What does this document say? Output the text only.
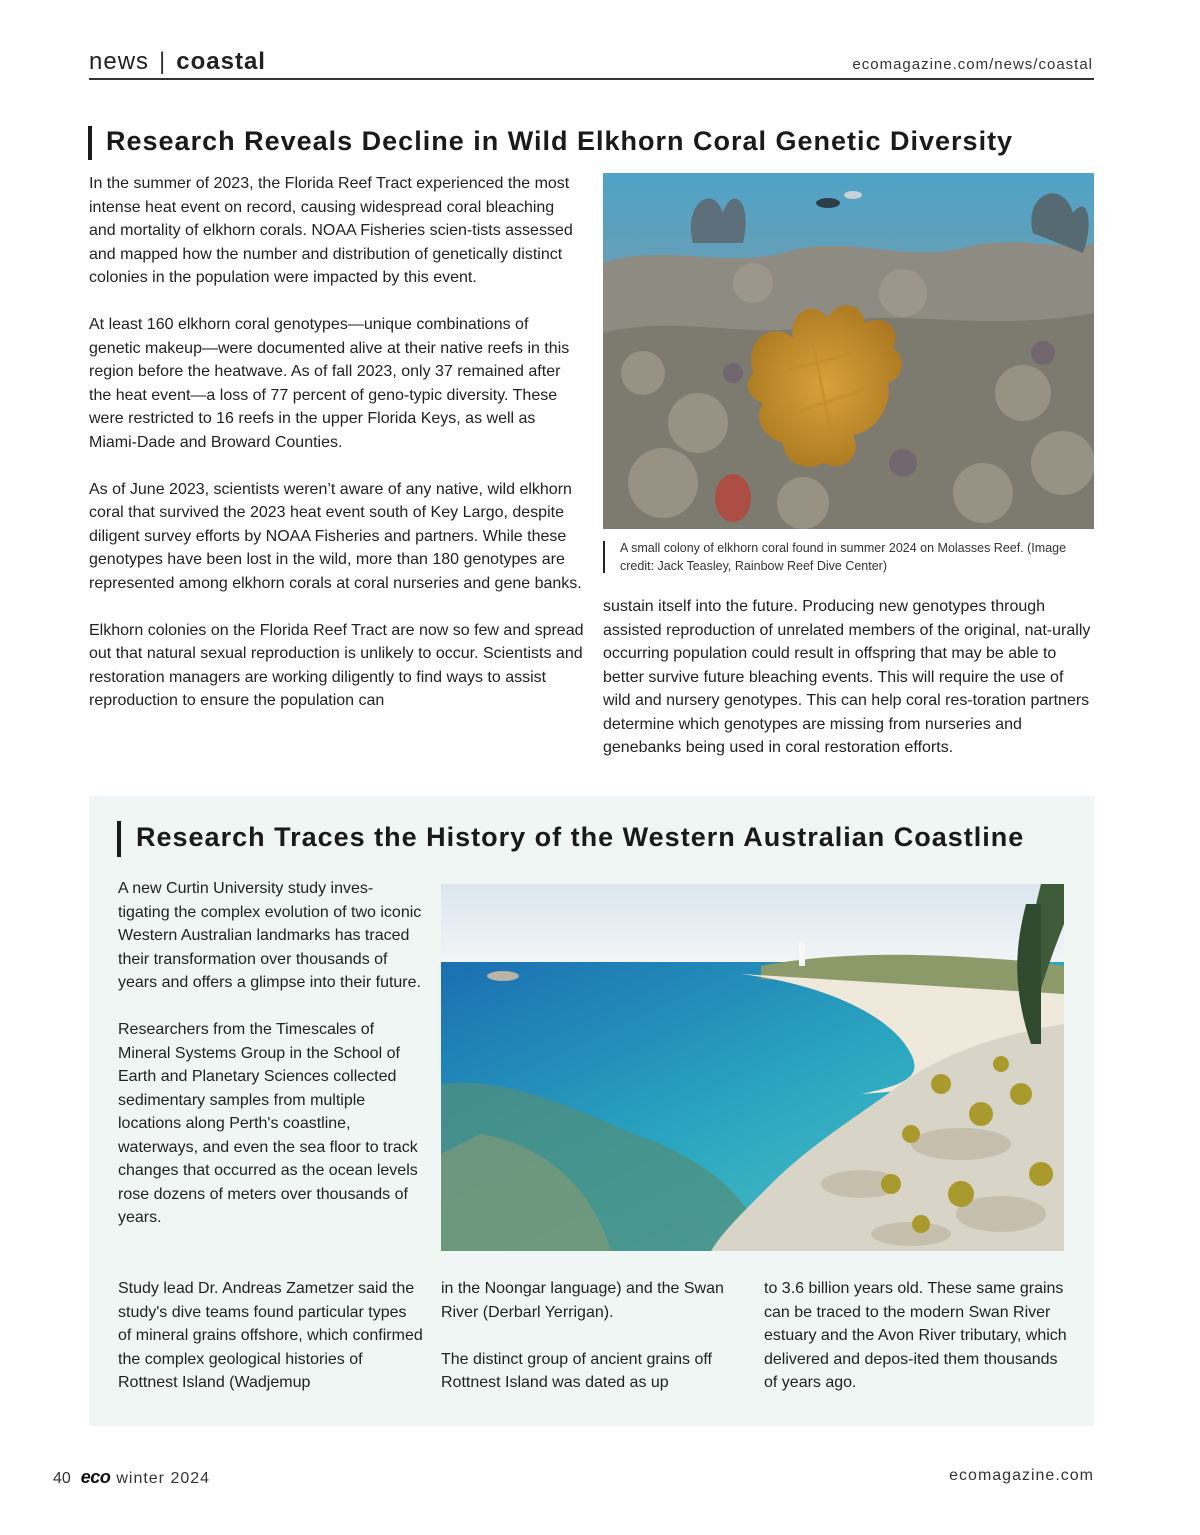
news | coastal	ecomagazine.com/news/coastal
Research Reveals Decline in Wild Elkhorn Coral Genetic Diversity

In the summer of 2023, the Florida Reef Tract experienced the most intense heat event on record, causing widespread coral bleaching and mortality of elkhorn corals. NOAA Fisheries scien-tists assessed and mapped how the number and distribution of genetically distinct colonies in the population were impacted by this event.

At least 160 elkhorn coral genotypes—unique combinations of genetic makeup—were documented alive at their native reefs in this region before the heatwave. As of fall 2023, only 37 remained after the heat event—a loss of 77 percent of geno-typic diversity. These were restricted to 16 reefs in the upper Florida Keys, as well as Miami-Dade and Broward Counties.

As of June 2023, scientists weren’t aware of any native, wild elkhorn coral that survived the 2023 heat event south of Key Largo, despite diligent survey efforts by NOAA Fisheries and partners. While these genotypes have been lost in the wild, more than 180 genotypes are represented among elkhorn corals at coral nurseries and gene banks.

Elkhorn colonies on the Florida Reef Tract are now so few and spread out that natural sexual reproduction is unlikely to occur. Scientists and restoration managers are working diligently to find ways to assist reproduction to ensure the population can

A small colony of elkhorn coral found in summer 2024 on Molasses Reef. (Image credit: Jack Teasley, Rainbow Reef Dive Center)

sustain itself into the future. Producing new genotypes through assisted reproduction of unrelated members of the original, nat-urally occurring population could result in offspring that may be able to better survive future bleaching events. This will require the use of wild and nursery genotypes. This can help coral res-toration partners determine which genotypes are missing from nurseries and genebanks being used in coral restoration efforts.

Research Traces the History of the Western Australian Coastline

A new Curtin University study inves-tigating the complex evolution of two iconic Western Australian landmarks has traced their transformation over thousands of years and offers a glimpse into their future.

Researchers from the Timescales of Mineral Systems Group in the School of Earth and Planetary Sciences collected sedimentary samples from multiple locations along Perth's coastline, waterways, and even the sea floor to track changes that occurred as the ocean levels rose dozens of meters over thousands of years.

Study lead Dr. Andreas Zametzer said the study's dive teams found particular types of mineral grains offshore, which confirmed the complex geological histories of Rottnest Island (Wadjemup

in the Noongar language) and the Swan River (Derbarl Yerrigan).

The distinct group of ancient grains off Rottnest Island was dated as up

to 3.6 billion years old. These same grains can be traced to the modern Swan River estuary and the Avon River tributary, which delivered and depos-ited them thousands of years ago.

40 eco winter 2024	ecomagazine.com
